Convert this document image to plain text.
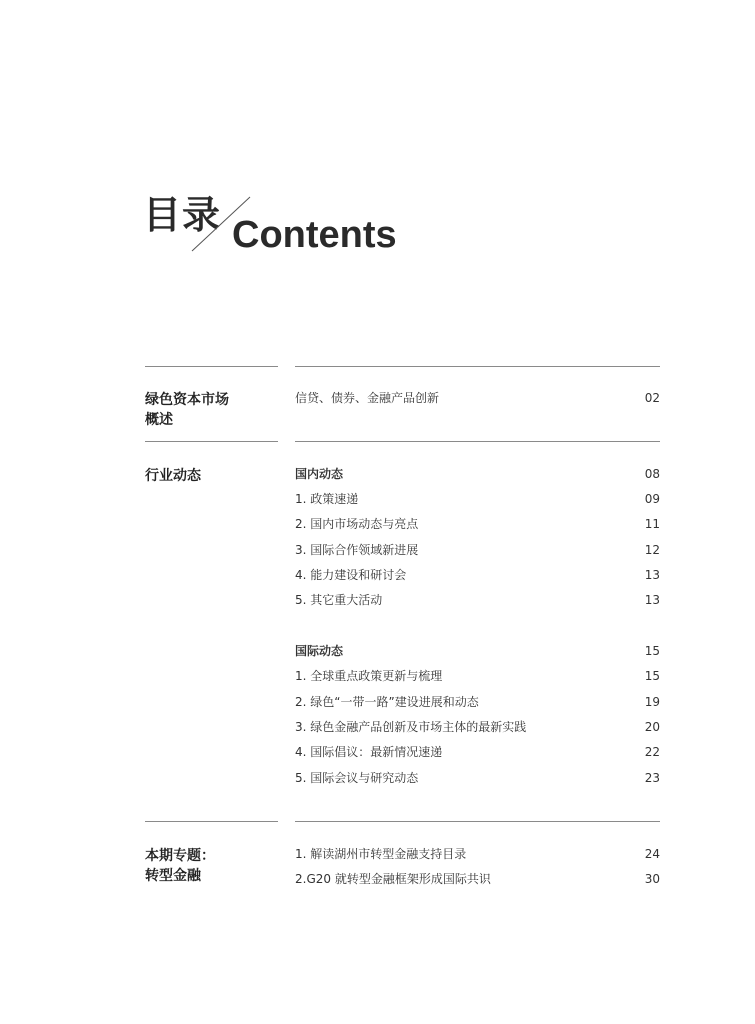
目录 Contents
绿色资本市场
概述
信贷、债券、金融产品创新	02
行业动态	国内动态	08
1. 政策速递	09
2. 国内市场动态与亮点	11
3. 国际合作领域新进展	12
4. 能力建设和研讨会	13
5. 其它重大活动	13
国际动态	15
1. 全球重点政策更新与梳理	15
2. 绿色“一带一路”建设进展和动态	19
3. 绿色金融产品创新及市场主体的最新实践	20
4. 国际倡议：最新情况速递	22
5. 国际会议与研究动态	23
本期专题：
转型金融
1. 解读湖州市转型金融支持目录	24
2.G20 就转型金融框架形成国际共识	30
